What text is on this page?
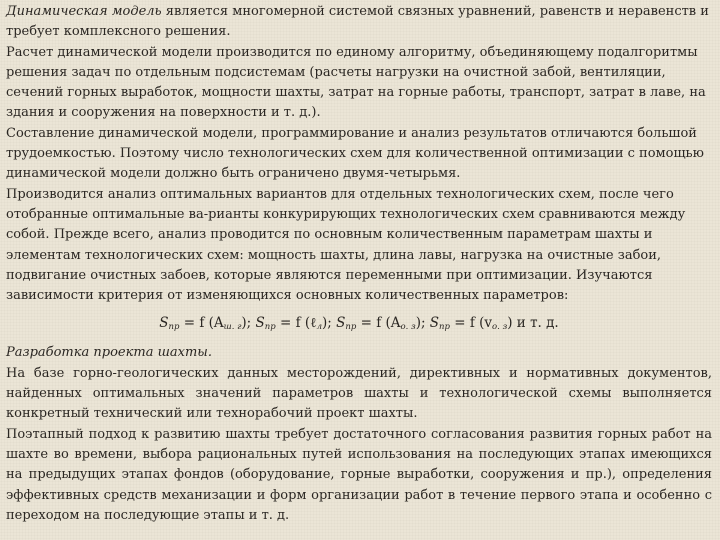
Динамическая модель является многомерной системой связных уравнений, равенств и неравенств и требует комплексного решения.

Расчет динамической модели производится по единому алгоритму, объединяющему подалгоритмы решения задач по отдельным подсистемам (расчеты нагрузки на очистной забой, вентиляции, сечений горных выработок, мощности шахты, затрат на горные работы, транспорт, затрат в лаве, на здания и сооружения на поверхности и т. д.).

Составление динамической модели, программирование и анализ результатов отличаются большой трудоемкостью. Поэтому число технологических схем для количественной оптимизации с помощью динамической модели должно быть ограничено двумя-четырьмя.

Производится анализ оптимальных вариантов для отдельных технологических схем, после чего отобранные оптимальные ва-рианты конкурирующих технологических схем сравниваются между собой. Прежде всего, анализ проводится по основным количественным параметрам шахты и элементам технологических схем: мощность шахты, длина лавы, нагрузка на очистные забои, подвигание очистных забоев, которые являются переменными при оптимизации. Изучаются зависимости критерия от изменяющихся основных количественных параметров:

$S_{пр} = f$ $(A_{ш. г})$; $S_{пр} = f$ (ℓ$_л$); $S_{пр} = f$ $(A_{о. з})$; $S_{пр} = f$ $(v_{о. з})$ и т. д.

Разработка проекта шахты.

На базе горно-геологических данных месторождений, директивных и нормативных документов, найденных оптимальных значений параметров шахты и технологической схемы выполняется конкретный технический или технорабочий проект шахты.

Поэтапный подход к развитию шахты требует достаточного согласования развития горных работ на шахте во времени, выбора рациональных путей использования на последующих этапах имеющихся на предыдущих этапах фондов (оборудование, горные выработки, сооружения и пр.), определения эффективных средств механизации и форм организации работ в течение первого этапа и особенно с переходом на последующие этапы и т. д.
